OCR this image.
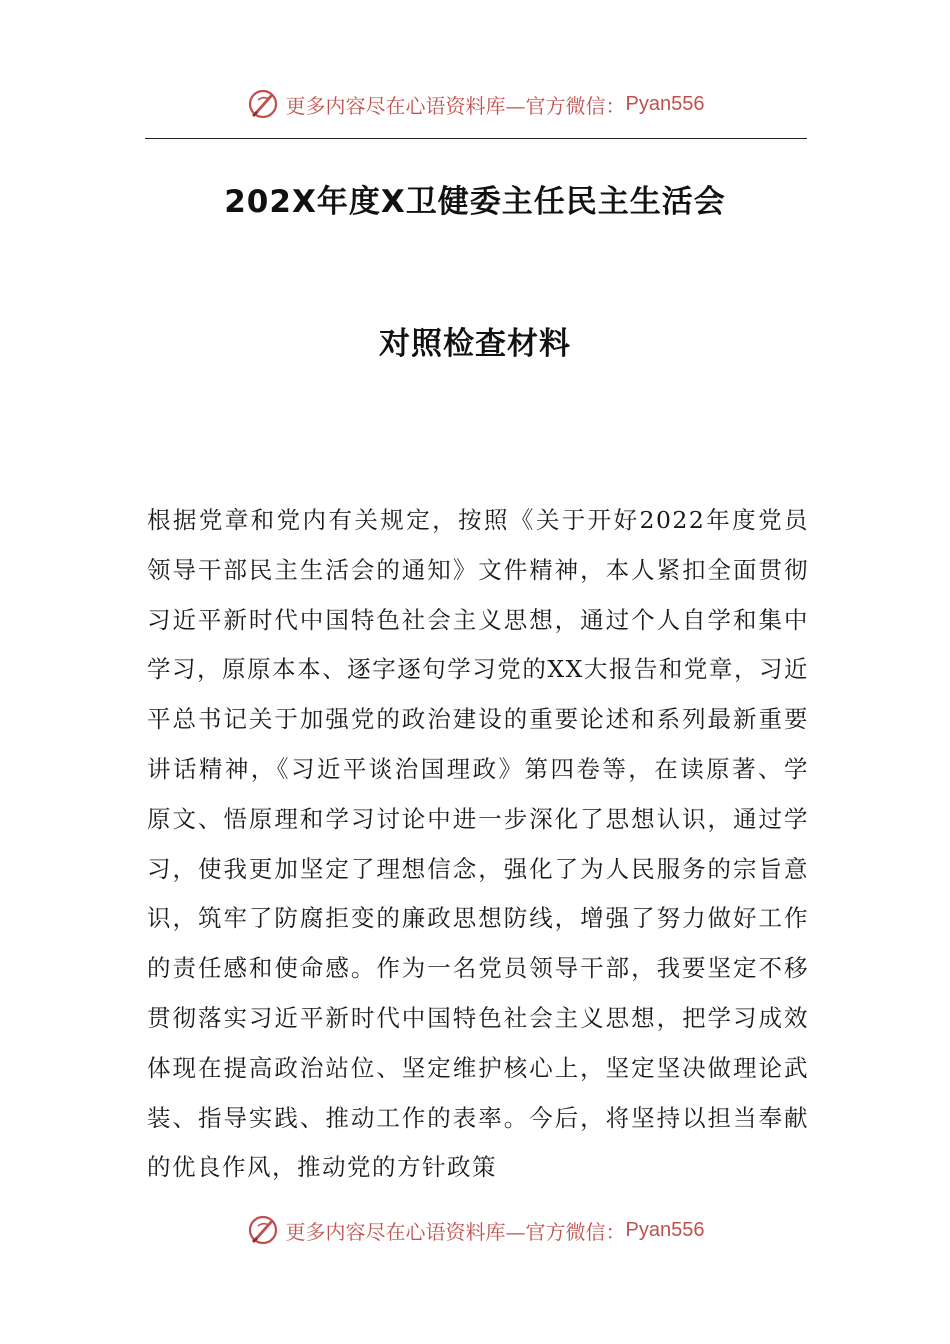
更多内容尽在心语资料库—官方微信： Pyan556
202X年度X卫健委主任民主生活会
对照检查材料
根据党章和党内有关规定，按照《关于开好2022年度党员领导干部民主生活会的通知》文件精神，本人紧扣全面贯彻习近平新时代中国特色社会主义思想，通过个人自学和集中学习，原原本本、逐字逐句学习党的XX大报告和党章，习近平总书记关于加强党的政治建设的重要论述和系列最新重要讲话精神，《习近平谈治国理政》第四卷等，在读原著、学原文、悟原理和学习讨论中进一步深化了思想认识，通过学习，使我更加坚定了理想信念，强化了为人民服务的宗旨意识，筑牢了防腐拒变的廉政思想防线，增强了努力做好工作的责任感和使命感。作为一名党员领导干部，我要坚定不移贯彻落实习近平新时代中国特色社会主义思想，把学习成效体现在提高政治站位、坚定维护核心上，坚定坚决做理论武装、指导实践、推动工作的表率。今后，将坚持以担当奉献的优良作风，推动党的方针政策
更多内容尽在心语资料库—官方微信： Pyan556
